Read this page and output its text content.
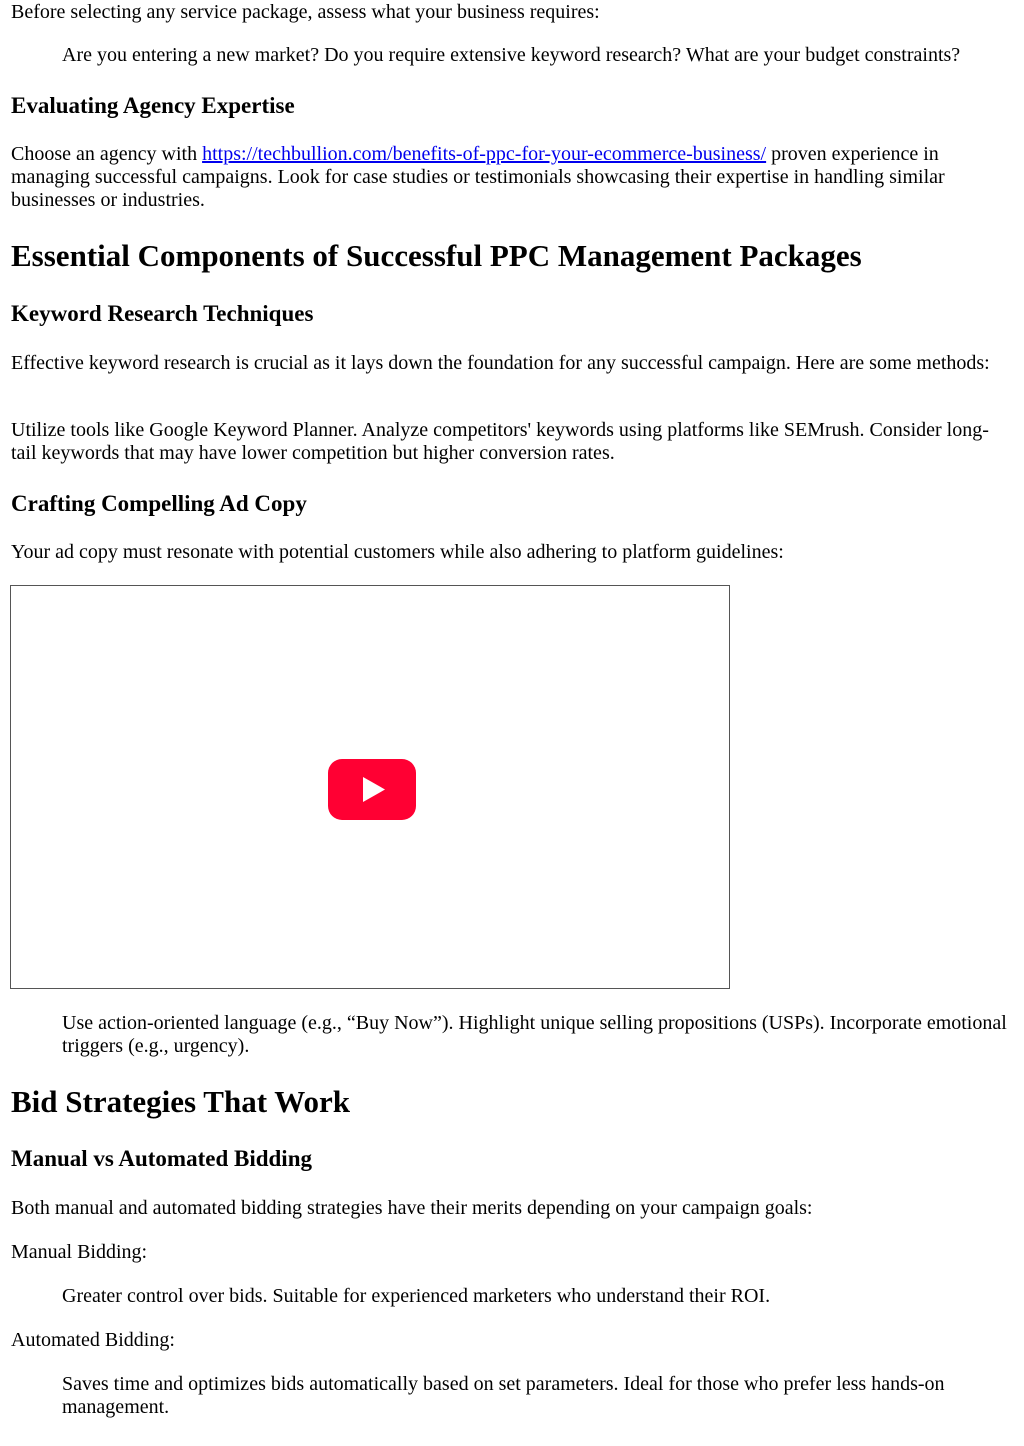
Before selecting any service package, assess what your business requires:

Are you entering a new market? Do you require extensive keyword research? What are your budget constraints?

Evaluating Agency Expertise

Choose an agency with https://techbullion.com/benefits-of-ppc-for-your-ecommerce-business/ proven experience in managing successful campaigns. Look for case studies or testimonials showcasing their expertise in handling similar businesses or industries.

Essential Components of Successful PPC Management Packages
Keyword Research Techniques

Effective keyword research is crucial as it lays down the foundation for any successful campaign. Here are some methods:

Utilize tools like Google Keyword Planner. Analyze competitors' keywords using platforms like SEMrush. Consider long-tail keywords that may have lower competition but higher conversion rates.

Crafting Compelling Ad Copy

Your ad copy must resonate with potential customers while also adhering to platform guidelines:

Use action-oriented language (e.g., “Buy Now”). Highlight unique selling propositions (USPs). Incorporate emotional triggers (e.g., urgency).

Bid Strategies That Work
Manual vs Automated Bidding

Both manual and automated bidding strategies have their merits depending on your campaign goals:

Manual Bidding:

Greater control over bids. Suitable for experienced marketers who understand their ROI.

Automated Bidding:

Saves time and optimizes bids automatically based on set parameters. Ideal for those who prefer less hands-on management.
